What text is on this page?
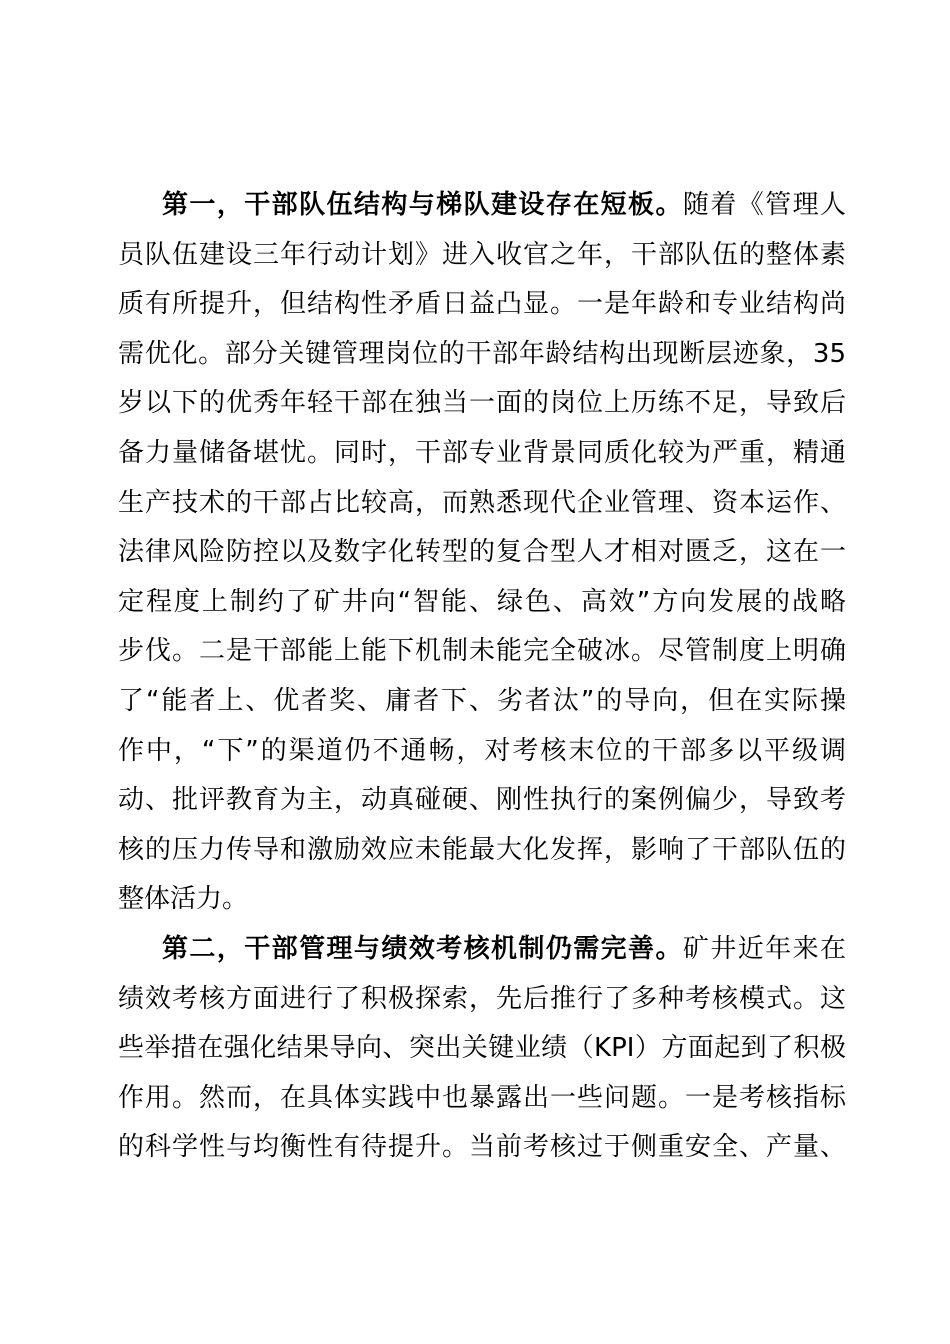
第一，干部队伍结构与梯队建设存在短板。随着《管理人
员队伍建设三年行动计划》进入收官之年，干部队伍的整体素
质有所提升，但结构性矛盾日益凸显。一是年龄和专业结构尚
需优化。部分关键管理岗位的干部年龄结构出现断层迹象，35
岁以下的优秀年轻干部在独当一面的岗位上历练不足，导致后
备力量储备堪忧。同时，干部专业背景同质化较为严重，精通
生产技术的干部占比较高，而熟悉现代企业管理、资本运作、
法律风险防控以及数字化转型的复合型人才相对匮乏，这在一
定程度上制约了矿井向“智能、绿色、高效”方向发展的战略
步伐。二是干部能上能下机制未能完全破冰。尽管制度上明确
了“能者上、优者奖、庸者下、劣者汰”的导向，但在实际操
作中，“下”的渠道仍不通畅，对考核末位的干部多以平级调
动、批评教育为主，动真碰硬、刚性执行的案例偏少，导致考
核的压力传导和激励效应未能最大化发挥，影响了干部队伍的
整体活力。
第二，干部管理与绩效考核机制仍需完善。矿井近年来在
绩效考核方面进行了积极探索，先后推行了多种考核模式。这
些举措在强化结果导向、突出关键业绩（KPI）方面起到了积极
作用。然而，在具体实践中也暴露出一些问题。一是考核指标
的科学性与均衡性有待提升。当前考核过于侧重安全、产量、
